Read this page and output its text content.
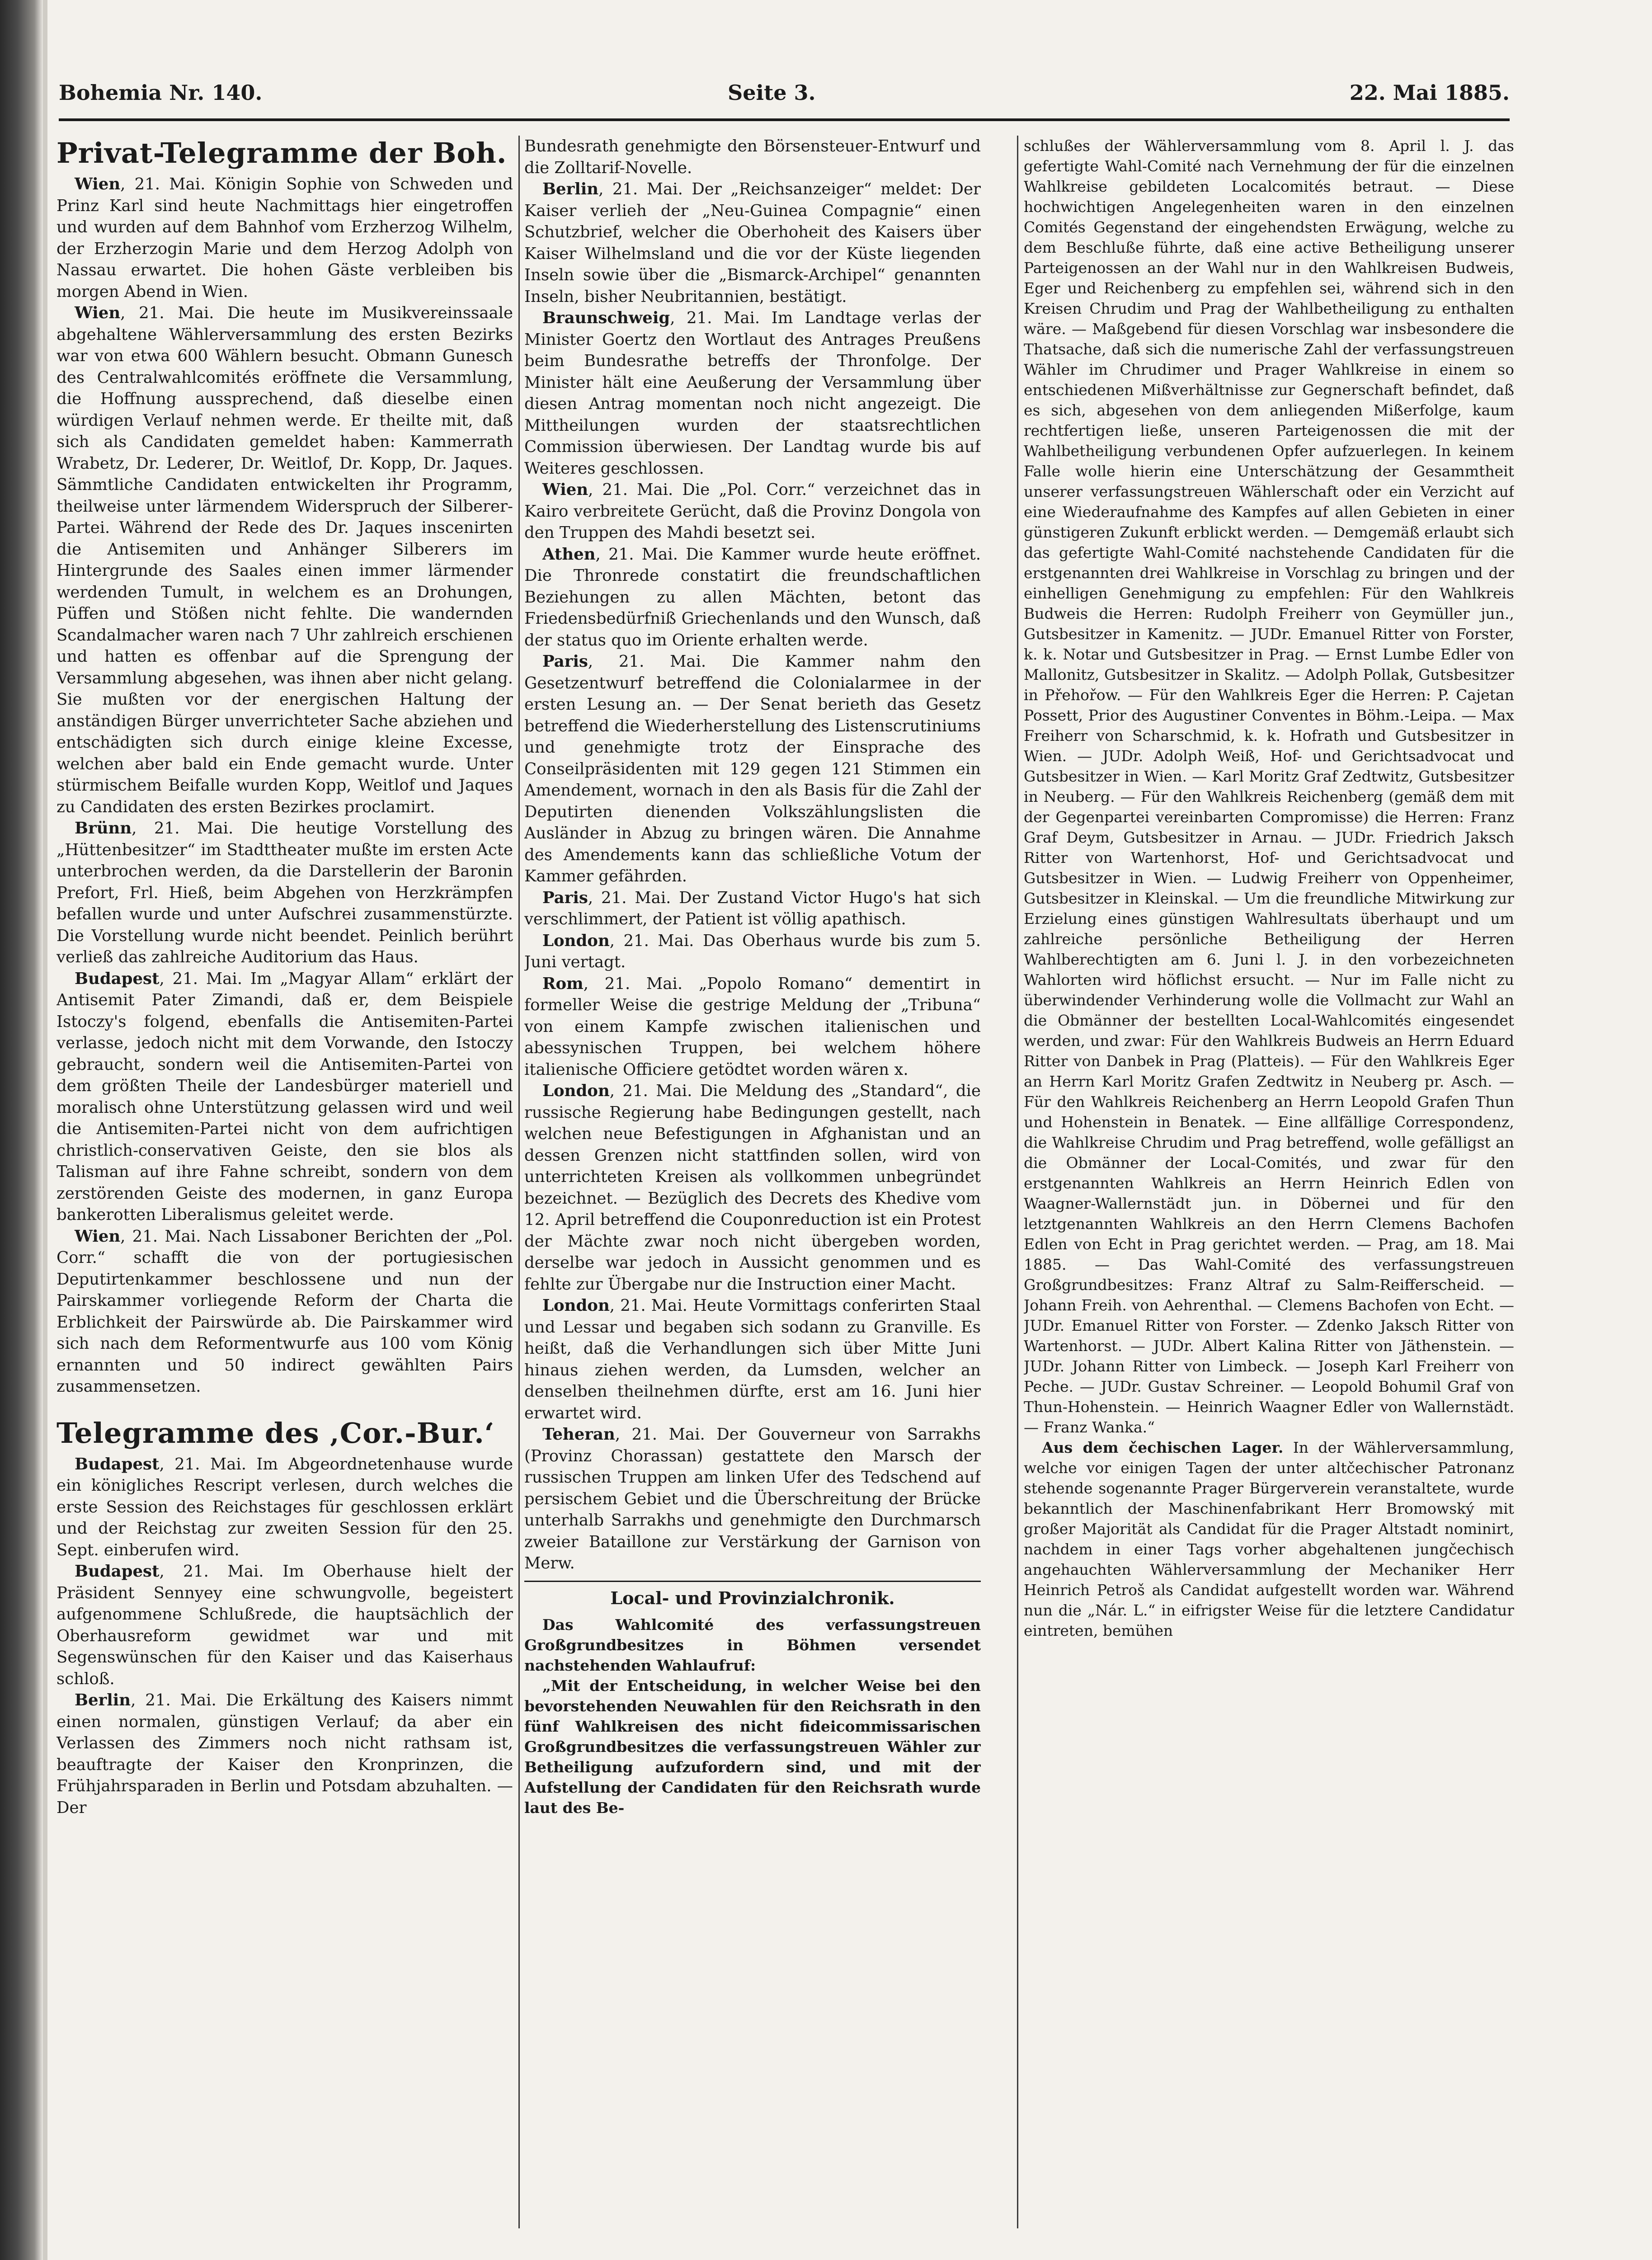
Bohemia Nr. 140.	Seite 3.	22. Mai 1885.
Privat-Telegramme der Boh.

Wien, 21. Mai. Königin Sophie von Schweden und Prinz Karl sind heute Nachmittags hier eingetroffen und wurden auf dem Bahnhof vom Erzherzog Wilhelm, der Erzherzogin Marie und dem Herzog Adolph von Nassau erwartet. Die hohen Gäste verbleiben bis morgen Abend in Wien.

Wien, 21. Mai. Die heute im Musikvereinssaale abgehaltene Wählerversammlung des ersten Bezirks war von etwa 600 Wählern besucht. Obmann Gunesch des Centralwahlcomités eröffnete die Versammlung, die Hoffnung aussprechend, daß dieselbe einen würdigen Verlauf nehmen werde. Er theilte mit, daß sich als Candidaten gemeldet haben: Kammerrath Wrabetz, Dr. Lederer, Dr. Weitlof, Dr. Kopp, Dr. Jaques. Sämmtliche Candidaten entwickelten ihr Programm, theilweise unter lärmendem Widerspruch der Silberer-Partei. Während der Rede des Dr. Jaques inscenirten die Antisemiten und Anhänger Silberers im Hintergrunde des Saales einen immer lärmender werdenden Tumult, in welchem es an Drohungen, Püffen und Stößen nicht fehlte. Die wandernden Scandalmacher waren nach 7 Uhr zahlreich erschienen und hatten es offenbar auf die Sprengung der Versammlung abgesehen, was ihnen aber nicht gelang. Sie mußten vor der energischen Haltung der anständigen Bürger unverrichteter Sache abziehen und entschädigten sich durch einige kleine Excesse, welchen aber bald ein Ende gemacht wurde. Unter stürmischem Beifalle wurden Kopp, Weitlof und Jaques zu Candidaten des ersten Bezirkes proclamirt.

Brünn, 21. Mai. Die heutige Vorstellung des „Hüttenbesitzer“ im Stadttheater mußte im ersten Acte unterbrochen werden, da die Darstellerin der Baronin Prefort, Frl. Hieß, beim Abgehen von Herzkrämpfen befallen wurde und unter Aufschrei zusammenstürzte. Die Vorstellung wurde nicht beendet. Peinlich berührt verließ das zahlreiche Auditorium das Haus.

Budapest, 21. Mai. Im „Magyar Allam“ erklärt der Antisemit Pater Zimandi, daß er, dem Beispiele Istoczy's folgend, ebenfalls die Antisemiten-Partei verlasse, jedoch nicht mit dem Vorwande, den Istoczy gebraucht, sondern weil die Antisemiten-Partei von dem größten Theile der Landesbürger materiell und moralisch ohne Unterstützung gelassen wird und weil die Antisemiten-Partei nicht von dem aufrichtigen christlich-conservativen Geiste, den sie blos als Talisman auf ihre Fahne schreibt, sondern von dem zerstörenden Geiste des modernen, in ganz Europa bankerotten Liberalismus geleitet werde.

Wien, 21. Mai. Nach Lissaboner Berichten der „Pol. Corr.“ schafft die von der portugiesischen Deputirtenkammer beschlossene und nun der Pairskammer vorliegende Reform der Charta die Erblichkeit der Pairswürde ab. Die Pairskammer wird sich nach dem Reformentwurfe aus 100 vom König ernannten und 50 indirect gewählten Pairs zusammensetzen.

Telegramme des ‚Cor.-Bur.‘

Budapest, 21. Mai. Im Abgeordnetenhause wurde ein königliches Rescript verlesen, durch welches die erste Session des Reichstages für geschlossen erklärt und der Reichstag zur zweiten Session für den 25. Sept. einberufen wird.

Budapest, 21. Mai. Im Oberhause hielt der Präsident Sennyey eine schwungvolle, begeistert aufgenommene Schlußrede, die hauptsächlich der Oberhausreform gewidmet war und mit Segenswünschen für den Kaiser und das Kaiserhaus schloß.

Berlin, 21. Mai. Die Erkältung des Kaisers nimmt einen normalen, günstigen Verlauf; da aber ein Verlassen des Zimmers noch nicht rathsam ist, beauftragte der Kaiser den Kronprinzen, die Frühjahrsparaden in Berlin und Potsdam abzuhalten. — Der

Bundesrath genehmigte den Börsensteuer-Entwurf und die Zolltarif-Novelle.

Berlin, 21. Mai. Der „Reichsanzeiger“ meldet: Der Kaiser verlieh der „Neu-Guinea Compagnie“ einen Schutzbrief, welcher die Oberhoheit des Kaisers über Kaiser Wilhelmsland und die vor der Küste liegenden Inseln sowie über die „Bismarck-Archipel“ genannten Inseln, bisher Neubritannien, bestätigt.

Braunschweig, 21. Mai. Im Landtage verlas der Minister Goertz den Wortlaut des Antrages Preußens beim Bundesrathe betreffs der Thronfolge. Der Minister hält eine Aeußerung der Versammlung über diesen Antrag momentan noch nicht angezeigt. Die Mittheilungen wurden der staatsrechtlichen Commission überwiesen. Der Landtag wurde bis auf Weiteres geschlossen.

Wien, 21. Mai. Die „Pol. Corr.“ verzeichnet das in Kairo verbreitete Gerücht, daß die Provinz Dongola von den Truppen des Mahdi besetzt sei.

Athen, 21. Mai. Die Kammer wurde heute eröffnet. Die Thronrede constatirt die freundschaftlichen Beziehungen zu allen Mächten, betont das Friedensbedürfniß Griechenlands und den Wunsch, daß der status quo im Oriente erhalten werde.

Paris, 21. Mai. Die Kammer nahm den Gesetzentwurf betreffend die Colonialarmee in der ersten Lesung an. — Der Senat berieth das Gesetz betreffend die Wiederherstellung des Listenscrutiniums und genehmigte trotz der Einsprache des Conseilpräsidenten mit 129 gegen 121 Stimmen ein Amendement, wornach in den als Basis für die Zahl der Deputirten dienenden Volkszählungslisten die Ausländer in Abzug zu bringen wären. Die Annahme des Amendements kann das schließliche Votum der Kammer gefährden.

Paris, 21. Mai. Der Zustand Victor Hugo's hat sich verschlimmert, der Patient ist völlig apathisch.

London, 21. Mai. Das Oberhaus wurde bis zum 5. Juni vertagt.

Rom, 21. Mai. „Popolo Romano“ dementirt in formeller Weise die gestrige Meldung der „Tribuna“ von einem Kampfe zwischen italienischen und abessynischen Truppen, bei welchem höhere italienische Officiere getödtet worden wären x.

London, 21. Mai. Die Meldung des „Standard“, die russische Regierung habe Bedingungen gestellt, nach welchen neue Befestigungen in Afghanistan und an dessen Grenzen nicht stattfinden sollen, wird von unterrichteten Kreisen als vollkommen unbegründet bezeichnet. — Bezüglich des Decrets des Khedive vom 12. April betreffend die Couponreduction ist ein Protest der Mächte zwar noch nicht übergeben worden, derselbe war jedoch in Aussicht genommen und es fehlte zur Übergabe nur die Instruction einer Macht.

London, 21. Mai. Heute Vormittags conferirten Staal und Lessar und begaben sich sodann zu Granville. Es heißt, daß die Verhandlungen sich über Mitte Juni hinaus ziehen werden, da Lumsden, welcher an denselben theilnehmen dürfte, erst am 16. Juni hier erwartet wird.

Teheran, 21. Mai. Der Gouverneur von Sarrakhs (Provinz Chorassan) gestattete den Marsch der russischen Truppen am linken Ufer des Tedschend auf persischem Gebiet und die Überschreitung der Brücke unterhalb Sarrakhs und genehmigte den Durchmarsch zweier Bataillone zur Verstärkung der Garnison von Merw.

Local- und Provinzialchronik.

Das Wahlcomité des verfassungstreuen Großgrundbesitzes in Böhmen versendet nachstehenden Wahlaufruf:

„Mit der Entscheidung, in welcher Weise bei den bevorstehenden Neuwahlen für den Reichsrath in den fünf Wahlkreisen des nicht fideicommissarischen Großgrundbesitzes die verfassungstreuen Wähler zur Betheiligung aufzufordern sind, und mit der Aufstellung der Candidaten für den Reichsrath wurde laut des Be-

schlußes der Wählerversammlung vom 8. April l. J. das gefertigte Wahl-Comité nach Vernehmung der für die einzelnen Wahlkreise gebildeten Localcomités betraut. — Diese hochwichtigen Angelegenheiten waren in den einzelnen Comités Gegenstand der eingehendsten Erwägung, welche zu dem Beschluße führte, daß eine active Betheiligung unserer Parteigenossen an der Wahl nur in den Wahlkreisen Budweis, Eger und Reichenberg zu empfehlen sei, während sich in den Kreisen Chrudim und Prag der Wahlbetheiligung zu enthalten wäre. — Maßgebend für diesen Vorschlag war insbesondere die Thatsache, daß sich die numerische Zahl der verfassungstreuen Wähler im Chrudimer und Prager Wahlkreise in einem so entschiedenen Mißverhältnisse zur Gegnerschaft befindet, daß es sich, abgesehen von dem anliegenden Mißerfolge, kaum rechtfertigen ließe, unseren Parteigenossen die mit der Wahlbetheiligung verbundenen Opfer aufzuerlegen. In keinem Falle wolle hierin eine Unterschätzung der Gesammtheit unserer verfassungstreuen Wählerschaft oder ein Verzicht auf eine Wiederaufnahme des Kampfes auf allen Gebieten in einer günstigeren Zukunft erblickt werden. — Demgemäß erlaubt sich das gefertigte Wahl-Comité nachstehende Candidaten für die erstgenannten drei Wahlkreise in Vorschlag zu bringen und der einhelligen Genehmigung zu empfehlen: Für den Wahlkreis Budweis die Herren: Rudolph Freiherr von Geymüller jun., Gutsbesitzer in Kamenitz. — JUDr. Emanuel Ritter von Forster, k. k. Notar und Gutsbesitzer in Prag. — Ernst Lumbe Edler von Mallonitz, Gutsbesitzer in Skalitz. — Adolph Pollak, Gutsbesitzer in Přehořow. — Für den Wahlkreis Eger die Herren: P. Cajetan Possett, Prior des Augustiner Conventes in Böhm.-Leipa. — Max Freiherr von Scharschmid, k. k. Hofrath und Gutsbesitzer in Wien. — JUDr. Adolph Weiß, Hof- und Gerichtsadvocat und Gutsbesitzer in Wien. — Karl Moritz Graf Zedtwitz, Gutsbesitzer in Neuberg. — Für den Wahlkreis Reichenberg (gemäß dem mit der Gegenpartei vereinbarten Compromisse) die Herren: Franz Graf Deym, Gutsbesitzer in Arnau. — JUDr. Friedrich Jaksch Ritter von Wartenhorst, Hof- und Gerichtsadvocat und Gutsbesitzer in Wien. — Ludwig Freiherr von Oppenheimer, Gutsbesitzer in Kleinskal. — Um die freundliche Mitwirkung zur Erzielung eines günstigen Wahlresultats überhaupt und um zahlreiche persönliche Betheiligung der Herren Wahlberechtigten am 6. Juni l. J. in den vorbezeichneten Wahlorten wird höflichst ersucht. — Nur im Falle nicht zu überwindender Verhinderung wolle die Vollmacht zur Wahl an die Obmänner der bestellten Local-Wahlcomités eingesendet werden, und zwar: Für den Wahlkreis Budweis an Herrn Eduard Ritter von Danbek in Prag (Platteis). — Für den Wahlkreis Eger an Herrn Karl Moritz Grafen Zedtwitz in Neuberg pr. Asch. — Für den Wahlkreis Reichenberg an Herrn Leopold Grafen Thun und Hohenstein in Benatek. — Eine allfällige Correspondenz, die Wahlkreise Chrudim und Prag betreffend, wolle gefälligst an die Obmänner der Local-Comités, und zwar für den erstgenannten Wahlkreis an Herrn Heinrich Edlen von Waagner-Wallernstädt jun. in Döbernei und für den letztgenannten Wahlkreis an den Herrn Clemens Bachofen Edlen von Echt in Prag gerichtet werden. — Prag, am 18. Mai 1885. — Das Wahl-Comité des verfassungstreuen Großgrundbesitzes: Franz Altraf zu Salm-Reifferscheid. — Johann Freih. von Aehrenthal. — Clemens Bachofen von Echt. — JUDr. Emanuel Ritter von Forster. — Zdenko Jaksch Ritter von Wartenhorst. — JUDr. Albert Kalina Ritter von Jäthenstein. — JUDr. Johann Ritter von Limbeck. — Joseph Karl Freiherr von Peche. — JUDr. Gustav Schreiner. — Leopold Bohumil Graf von Thun-Hohenstein. — Heinrich Waagner Edler von Wallernstädt. — Franz Wanka.“

Aus dem čechischen Lager. In der Wählerversammlung, welche vor einigen Tagen der unter altčechischer Patronanz stehende sogenannte Prager Bürgerverein veranstaltete, wurde bekanntlich der Maschinenfabrikant Herr Bromowský mit großer Majorität als Candidat für die Prager Altstadt nominirt, nachdem in einer Tags vorher abgehaltenen jungčechisch angehauchten Wählerversammlung der Mechaniker Herr Heinrich Petroš als Candidat aufgestellt worden war. Während nun die „Nár. L.“ in eifrigster Weise für die letztere Candidatur eintreten, bemühen
